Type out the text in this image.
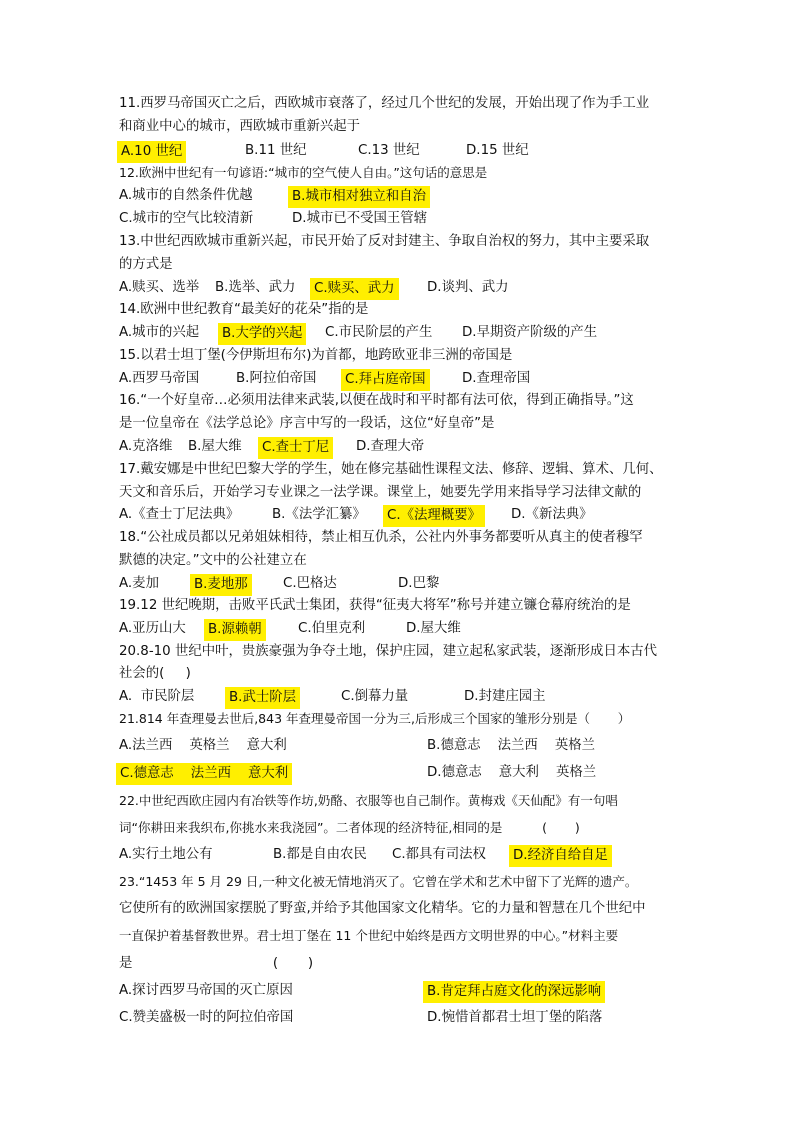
11.西罗马帝国灭亡之后，西欧城市衰落了，经过几个世纪的发展，开始出现了作为手工业
和商业中心的城市，西欧城市重新兴起于
A.10 世纪	B.11 世纪	C.13 世纪	D.15 世纪
12.欧洲中世纪有一句谚语:“城市的空气使人自由。”这句话的意思是
A.城市的自然条件优越	B.城市相对独立和自治
C.城市的空气比较清新	D.城市已不受国王管辖
13.中世纪西欧城市重新兴起，市民开始了反对封建主、争取自治权的努力，其中主要采取
的方式是
A.赎买、选举 B.选举、武力 C.赎买、武力 D.谈判、武力
14.欧洲中世纪教育“最美好的花朵”指的是
A.城市的兴起 B.大学的兴起 C.市民阶层的产生 D.早期资产阶级的产生
15.以君士坦丁堡(今伊斯坦布尔)为首都，地跨欧亚非三洲的帝国是
A.西罗马帝国	B.阿拉伯帝国 C.拜占庭帝国	D.查理帝国
16.“一个好皇帝…必须用法律来武装,以便在战时和平时都有法可依，得到正确指导。”这
是一位皇帝在《法学总论》序言中写的一段话，这位“好皇帝”是
A.克洛维 B.屋大维 C.查士丁尼 D.查理大帝
17.戴安娜是中世纪巴黎大学的学生，她在修完基础性课程文法、修辞、逻辑、算术、几何、
天文和音乐后，开始学习专业课之一法学课。课堂上，她要先学用来指导学习法律文献的
A.《查士丁尼法典》 B.《法学汇纂》 C.《法理概要》 D.《新法典》
18.“公社成员都以兄弟姐妹相待，禁止相互仇杀，公社内外事务都要听从真主的使者穆罕
默德的决定。”文中的公社建立在
A.麦加	B.麦地那	C.巴格达	D.巴黎
19.12 世纪晚期，击败平氏武士集团，获得“征夷大将军”称号并建立镰仓幕府统治的是
A.亚历山大 B.源赖朝	C.伯里克利	D.屋大维
20.8-10 世纪中叶，贵族豪强为争夺土地，保护庄园，建立起私家武装，逐渐形成日本古代
社会的(     )
A.  市民阶层	B.武士阶层	C.倒幕力量	D.封建庄园主
21.814 年查理曼去世后,843 年查理曼帝国一分为三,后形成三个国家的雏形分别是（       ）
A.法兰西    英格兰    意大利	B.德意志    法兰西    英格兰
C.德意志    法兰西    意大利	D.德意志    意大利    英格兰
22.中世纪西欧庄园内有冶铁等作坊,奶酪、衣服等也自己制作。黄梅戏《天仙配》有一句唱
词“你耕田来我织布,你挑水来我浇园”。二者体现的经济特征,相同的是          (       )
A.实行土地公有	B.都是自由农民 C.都具有司法权 D.经济自给自足
23.“1453 年 5 月 29 日,一种文化被无情地消灭了。它曾在学术和艺术中留下了光辉的遗产。
它使所有的欧洲国家摆脱了野蛮,并给予其他国家文化精华。它的力量和智慧在几个世纪中
一直保护着基督教世界。君士坦丁堡在 11 个世纪中始终是西方文明世界的中心。”材料主要
是                                 (       )
A.探讨西罗马帝国的灭亡原因	B.肯定拜占庭文化的深远影响
C.赞美盛极一时的阿拉伯帝国	D.惋惜首都君士坦丁堡的陷落
